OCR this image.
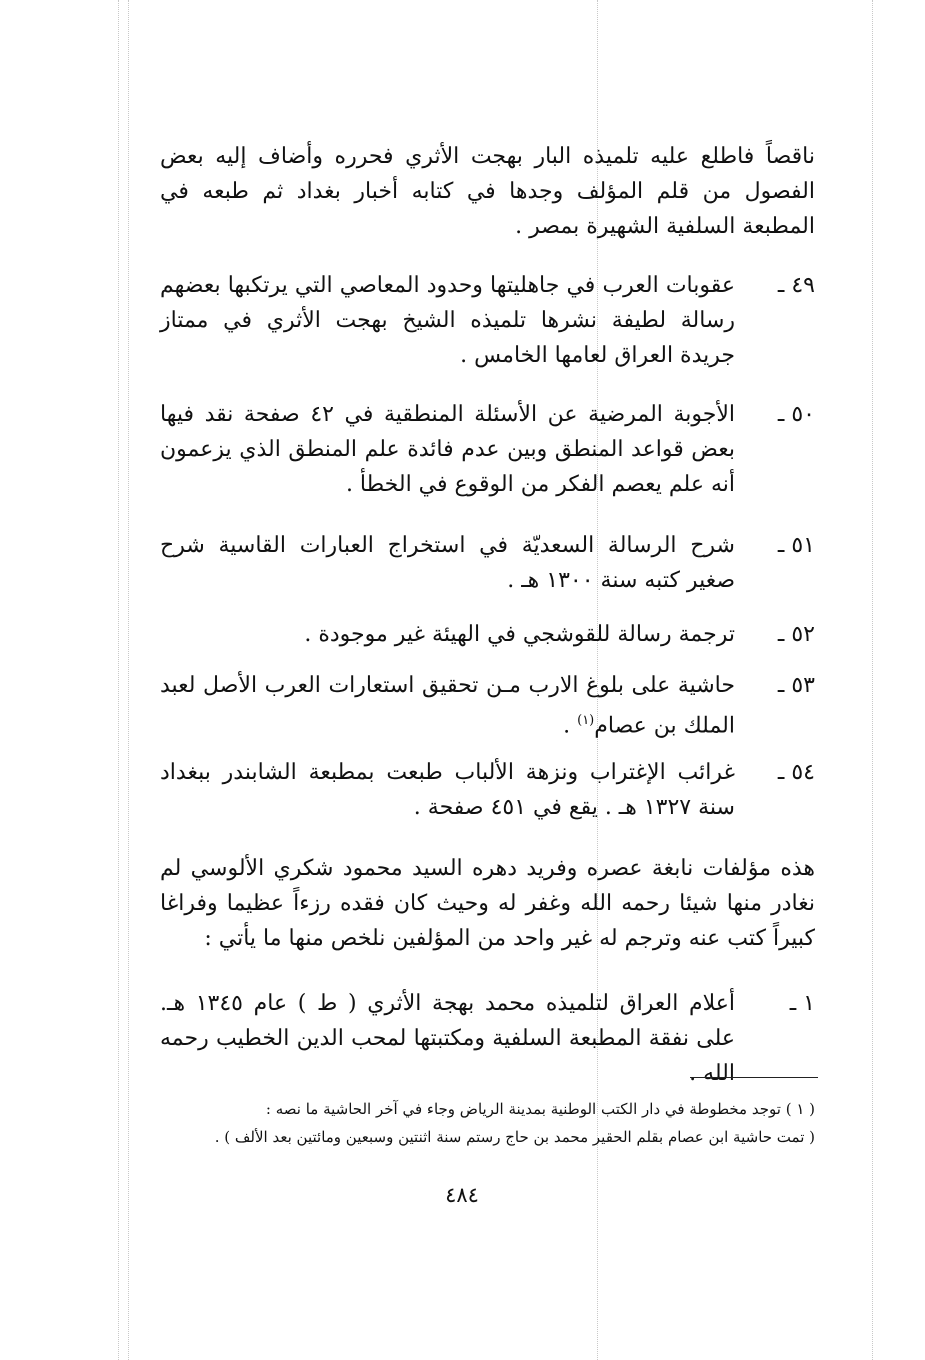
ناقصاً فاطلع عليه تلميذه البار بهجت الأثري فحرره وأضاف إليه بعض الفصول من قلم المؤلف وجدها في كتابه أخبار بغداد ثم طبعه في المطبعة السلفية الشهيرة بمصر .

٤٩ ـ
عقوبات العرب في جاهليتها وحدود المعاصي التي يرتكبها بعضهم رسالة لطيفة نشرها تلميذه الشيخ بهجت الأثري في ممتاز جريدة العراق لعامها الخامس .
٥٠ ـ
الأجوبة المرضية عن الأسئلة المنطقية في ٤٢ صفحة نقد فيها بعض قواعد المنطق وبين عدم فائدة علم المنطق الذي يزعمون أنه علم يعصم الفكر من الوقوع في الخطأ .
٥١ ـ
شرح الرسالة السعديّة في استخراج العبارات القاسية شرح صغير كتبه سنة ١٣٠٠ هـ .
٥٢ ـ
ترجمة رسالة للقوشجي في الهيئة غير موجودة .
٥٣ ـ
حاشية على بلوغ الارب مـن تحقيق استعارات العرب الأصل لعبد الملك بن عصام$^{(١)}$ .
٥٤ ـ
غرائب الإغتراب ونزهة الألباب طبعت بمطبعة الشابندر ببغداد سنة ١٣٢٧ هـ . يقع في ٤٥١ صفحة .

هذه مؤلفات نابغة عصره وفريد دهره السيد محمود شكري الألوسي لم نغادر منها شيئا رحمه الله وغفر له وحيث كان فقده رزءاً عظيما وفراغا كبيراً كتب عنه وترجم له غير واحد من المؤلفين نلخص منها ما يأتي :

١ ـ
أعلام العراق لتلميذه محمد بهجة الأثري ( ط ) عام ١٣٤٥ هـ. على نفقة المطبعة السلفية ومكتبتها لمحب الدين الخطيب رحمه الله .
( ١ ) توجد مخطوطة في دار الكتب الوطنية بمدينة الرياض وجاء في آخر الحاشية ما نصه :
( تمت حاشية ابن عصام بقلم الحقير محمد بن حاج رستم سنة اثنتين وسبعين ومائتين بعد الألف ) .
٤٨٤
